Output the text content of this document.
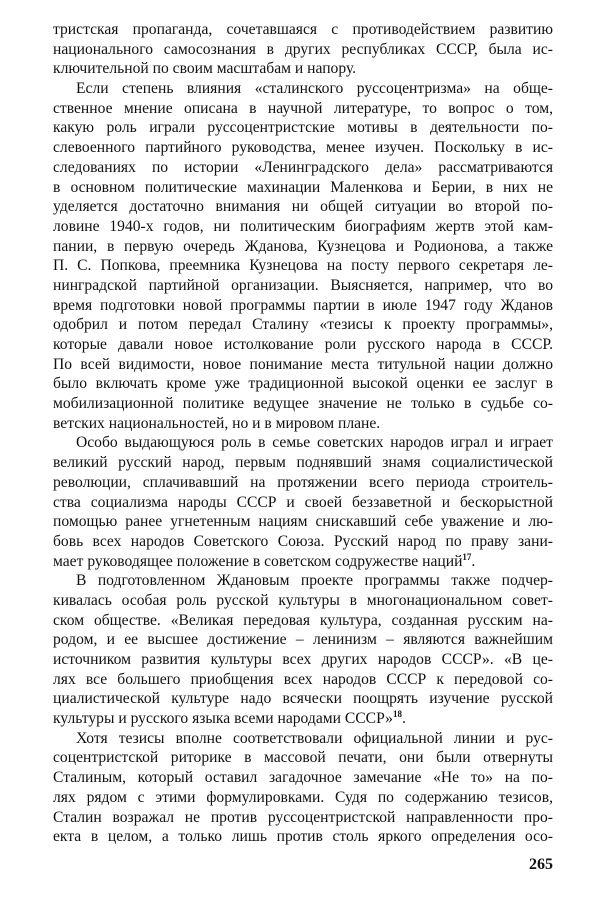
тристская пропаганда, сочетавшаяся с противодействием развитию
национального самосознания в других республиках СССР, была ис-
ключительной по своим масштабам и напору.
Если степень влияния «сталинского руссоцентризма» на обще-
ственное мнение описана в научной литературе, то вопрос о том,
какую роль играли руссоцентристские мотивы в деятельности по-
слевоенного партийного руководства, менее изучен. Поскольку в ис-
следованиях по истории «Ленинградского дела» рассматриваются
в основном политические махинации Маленкова и Берии, в них не
уделяется достаточно внимания ни общей ситуации во второй по-
ловине 1940-х годов, ни политическим биографиям жертв этой кам-
пании, в первую очередь Жданова, Кузнецова и Родионова, а также
П. С. Попкова, преемника Кузнецова на посту первого секретаря ле-
нинградской партийной организации. Выясняется, например, что во
время подготовки новой программы партии в июле 1947 году Жданов
одобрил и потом передал Сталину «тезисы к проекту программы»,
которые давали новое истолкование роли русского народа в СССР.
По всей видимости, новое понимание места титульной нации должно
было включать кроме уже традиционной высокой оценки ее заслуг в
мобилизационной политике ведущее значение не только в судьбе со-
ветских национальностей, но и в мировом плане.
Особо выдающуюся роль в семье советских народов играл и играет
великий русский народ, первым поднявший знамя социалистической
революции, сплачивавший на протяжении всего периода строитель-
ства социализма народы СССР и своей беззаветной и бескорыстной
помощью ранее угнетенным нациям снискавший себе уважение и лю-
бовь всех народов Советского Союза. Русский народ по праву зани-
мает руководящее положение в советском содружестве наций$^{17}$.
В подготовленном Ждановым проекте программы также подчер-
кивалась особая роль русской культуры в многонациональном совет-
ском обществе. «Великая передовая культура, созданная русским на-
родом, и ее высшее достижение – ленинизм – являются важнейшим
источником развития культуры всех других народов СССР». «В це-
лях все большего приобщения всех народов СССР к передовой со-
циалистической культуре надо всячески поощрять изучение русской
культуры и русского языка всеми народами СССР»$^{18}$.
Хотя тезисы вполне соответствовали официальной линии и рус-
соцентристской риторике в массовой печати, они были отвернуты
Сталиным, который оставил загадочное замечание «Не то» на по-
лях рядом с этими формулировками. Судя по содержанию тезисов,
Сталин возражал не против руссоцентристской направленности про-
екта в целом, а только лишь против столь яркого определения осо-
265
